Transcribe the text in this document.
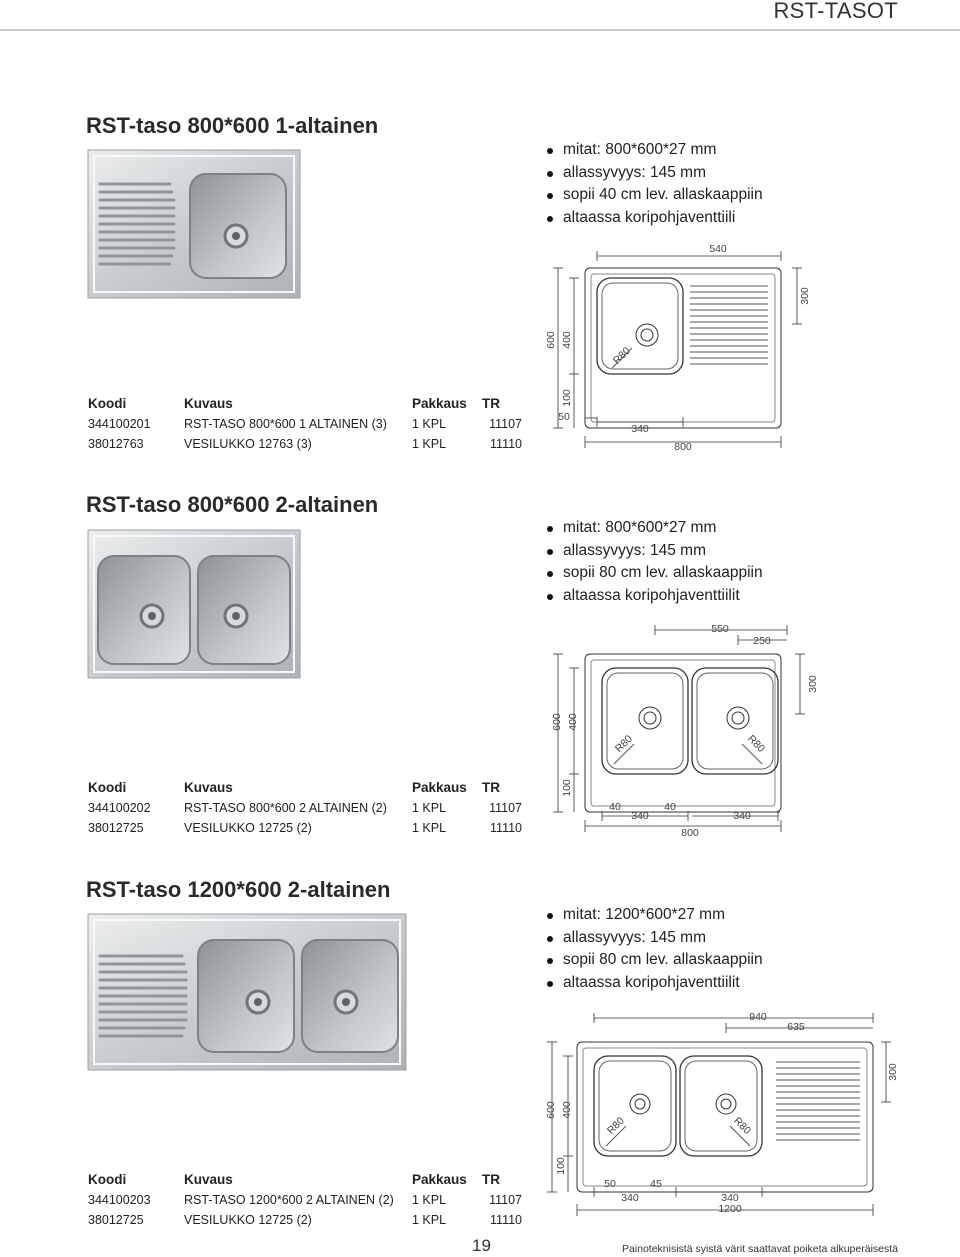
RST-TASOT
RST-taso 800*600 1-altainen
mitat: 800*600*27 mm
allassyvyys: 145 mm
sopii 40 cm lev. allaskaappiin
altaassa koripohjaventtiili
Koodi	Kuvaus	Pakkaus	TR
344100201	RST-TASO 800*600 1 ALTAINEN (3)	1 KPL	11107
38012763	VESILUKKO 12763 (3)	1 KPL	11110
540
300
600 400
R80
100
50
340
800
RST-taso 800*600 2-altainen
mitat: 800*600*27 mm
allassyvyys: 145 mm
sopii 80 cm lev. allaskaappiin
altaassa koripohjaventtiilit
Koodi	Kuvaus	Pakkaus	TR
344100202	RST-TASO 800*600 2 ALTAINEN (2)	1 KPL	11107
38012725	VESILUKKO 12725 (2)	1 KPL	11110
550
250
300
600 400
R80	R80
100
40	40
340	340
800
RST-taso 1200*600 2-altainen
mitat: 1200*600*27 mm
allassyvyys: 145 mm
sopii 80 cm lev. allaskaappiin
altaassa koripohjaventtiilit
Koodi	Kuvaus	Pakkaus	TR
344100203	RST-TASO 1200*600 2 ALTAINEN (2)	1 KPL	11107
38012725	VESILUKKO 12725 (2)	1 KPL	11110
940
635
300
600 400
R80	R80
100
50	45
340	340
1200
19	Painoteknisistä syistä värit saattavat poiketa alkuperäisestä
